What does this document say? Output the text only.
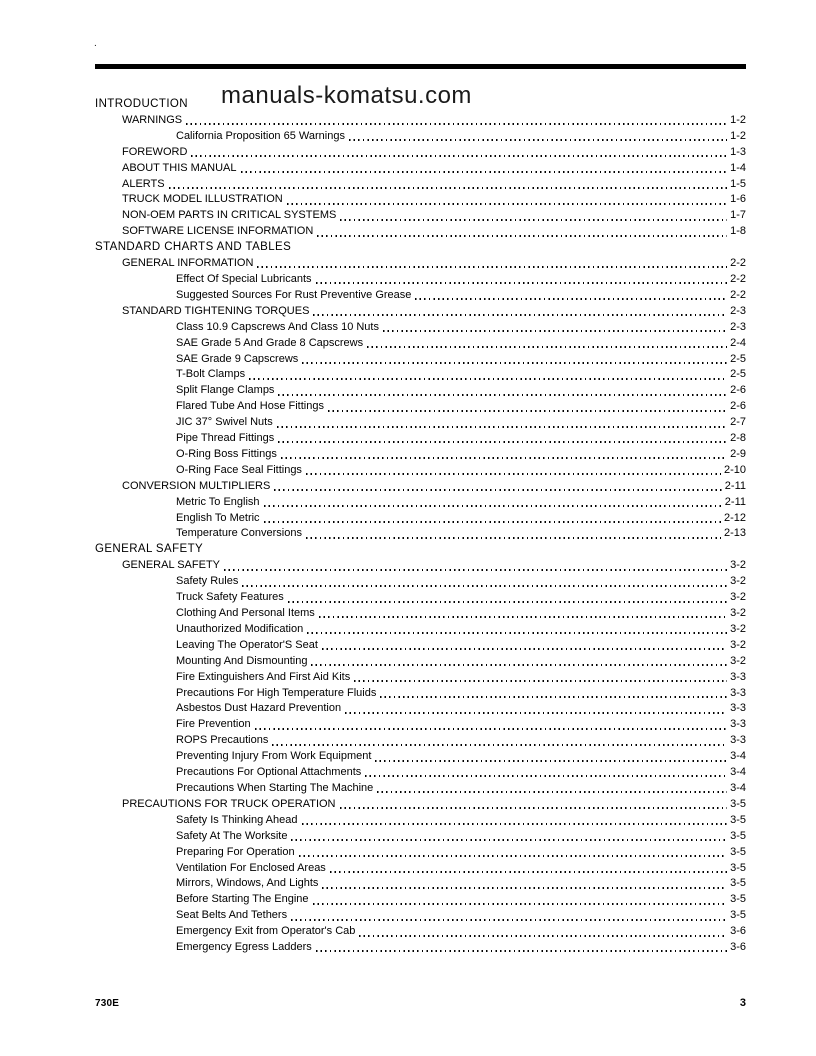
.
manuals-komatsu.com
INTRODUCTION
WARNINGS	1-2
California Proposition 65 Warnings	1-2
FOREWORD	1-3
ABOUT THIS MANUAL	1-4
ALERTS	1-5
TRUCK MODEL ILLUSTRATION	1-6
NON-OEM PARTS IN CRITICAL SYSTEMS	1-7
SOFTWARE LICENSE INFORMATION	1-8
STANDARD CHARTS AND TABLES
GENERAL INFORMATION	2-2
Effect Of Special Lubricants	2-2
Suggested Sources For Rust Preventive Grease	2-2
STANDARD TIGHTENING TORQUES	2-3
Class 10.9 Capscrews And Class 10 Nuts	2-3
SAE Grade 5 And Grade 8 Capscrews	2-4
SAE Grade 9 Capscrews	2-5
T-Bolt Clamps	2-5
Split Flange Clamps	2-6
Flared Tube And Hose Fittings	2-6
JIC 37° Swivel Nuts	2-7
Pipe Thread Fittings	2-8
O-Ring Boss Fittings	2-9
O-Ring Face Seal Fittings	2-10
CONVERSION MULTIPLIERS	2-11
Metric To English	2-11
English To Metric	2-12
Temperature Conversions	2-13
GENERAL SAFETY
GENERAL SAFETY	3-2
Safety Rules	3-2
Truck Safety Features	3-2
Clothing And Personal Items	3-2
Unauthorized Modification	3-2
Leaving The Operator'S Seat	3-2
Mounting And Dismounting	3-2
Fire Extinguishers And First Aid Kits	3-3
Precautions For High Temperature Fluids	3-3
Asbestos Dust Hazard Prevention	3-3
Fire Prevention	3-3
ROPS Precautions	3-3
Preventing Injury From Work Equipment	3-4
Precautions For Optional Attachments	3-4
Precautions When Starting The Machine	3-4
PRECAUTIONS FOR TRUCK OPERATION	3-5
Safety Is Thinking Ahead	3-5
Safety At The Worksite	3-5
Preparing For Operation	3-5
Ventilation For Enclosed Areas	3-5
Mirrors, Windows, And Lights	3-5
Before Starting The Engine	3-5
Seat Belts And Tethers	3-5
Emergency Exit from Operator's Cab	3-6
Emergency Egress Ladders	3-6
730E	3
